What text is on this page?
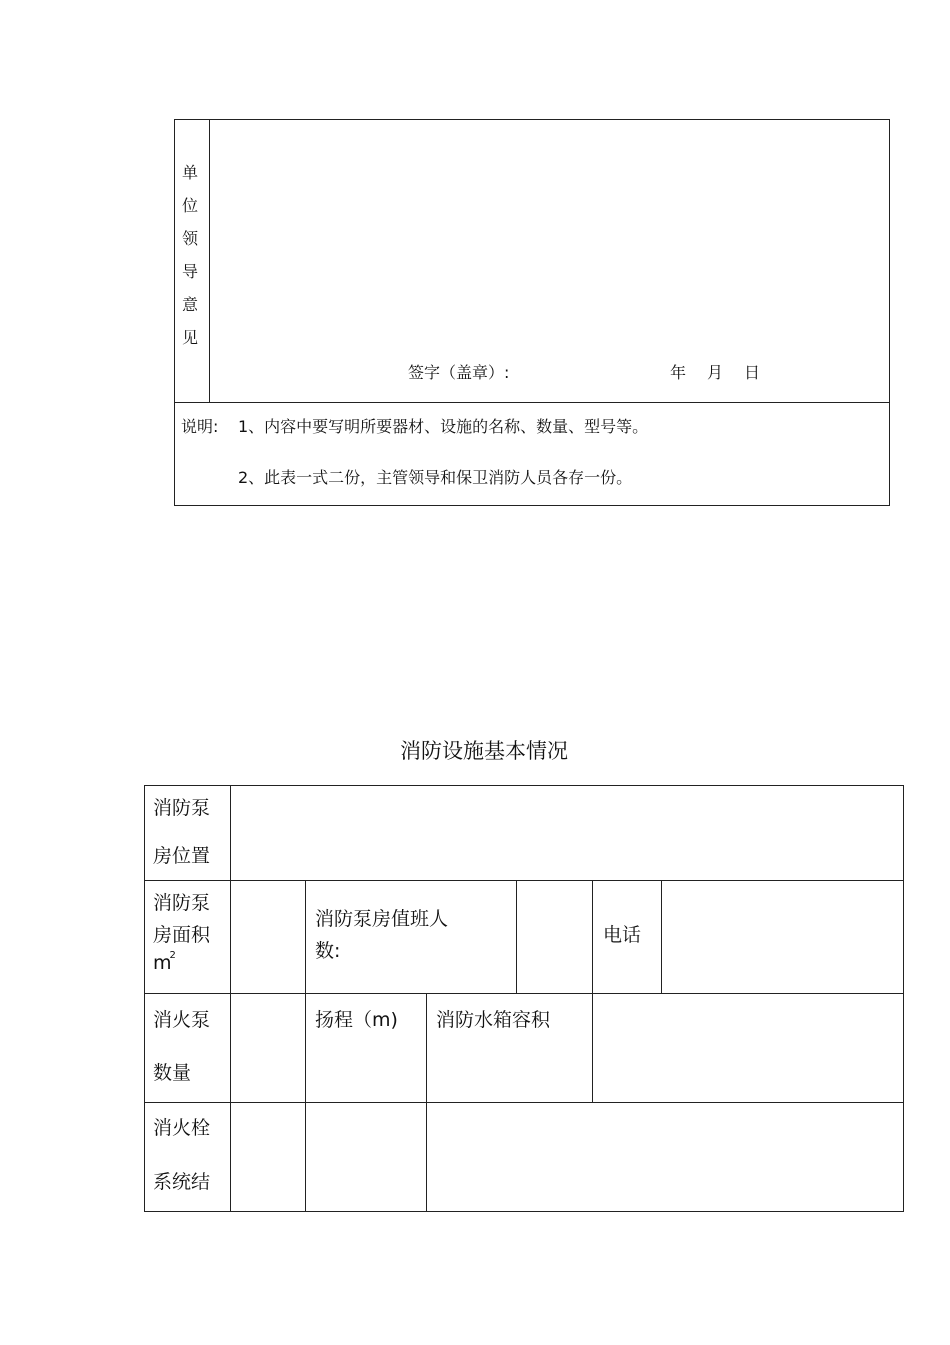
单
位
领
导
意
见
签字（盖章）:	年 月 日
说明: 1、内容中要写明所要器材、设施的名称、数量、型号等。
2、此表一式二份，主管领导和保卫消防人员各存一份。
消防设施基本情况
消防泵
房位置
消防泵
房面积
$m^2$
消防泵房值班人
数:
电话
消火泵
数量
扬程（m) 消防水箱容积
消火栓
系统结
